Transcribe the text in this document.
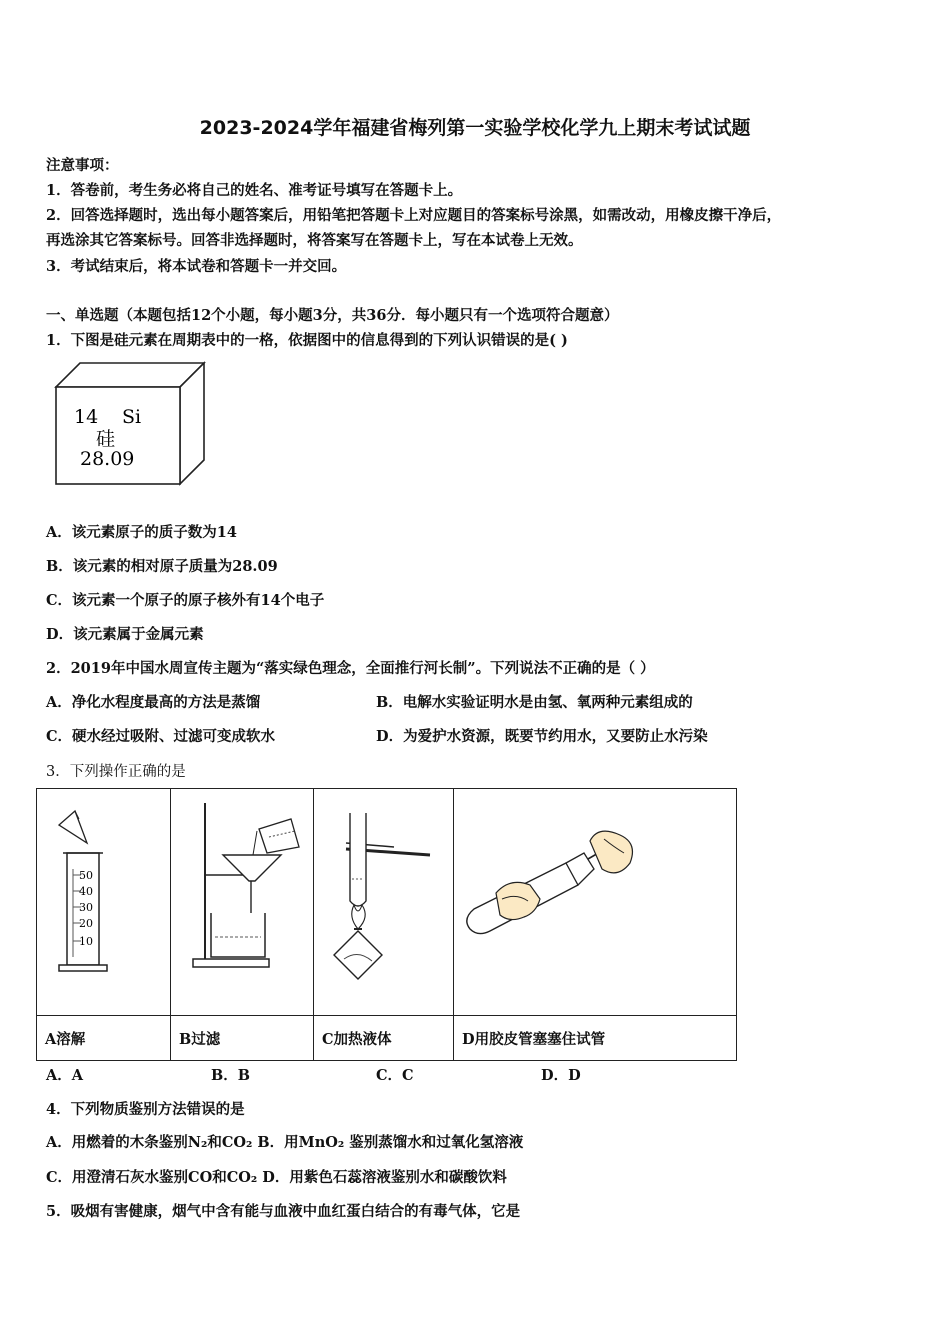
2023-2024学年福建省梅列第一实验学校化学九上期末考试试题
注意事项：
1．答卷前，考生务必将自己的姓名、准考证号填写在答题卡上。
2．回答选择题时，选出每小题答案后，用铅笔把答题卡上对应题目的答案标号涂黑，如需改动，用橡皮擦干净后，
再选涂其它答案标号。回答非选择题时，将答案写在答题卡上，写在本试卷上无效。
3．考试结束后，将本试卷和答题卡一并交回。
一、单选题（本题包括12个小题，每小题3分，共36分．每小题只有一个选项符合题意）
1．下图是硅元素在周期表中的一格，依据图中的信息得到的下列认识错误的是( )
14 Si
硅
28.09
A．该元素原子的质子数为14
B．该元素的相对原子质量为28.09
C．该元素一个原子的原子核外有14个电子
D．该元素属于金属元素
2．2019年中国水周宣传主题为“落实绿色理念，全面推行河长制”。下列说法不正确的是（ ）
A．净化水程度最高的方法是蒸馏	B．电解水实验证明水是由氢、氧两种元素组成的
C．硬水经过吸附、过滤可变成软水	D．为爱护水资源，既要节约用水，又要防止水污染
3．下列操作正确的是
50
40
30
20
10

A溶解	B过滤	C加热液体	D用胶皮管塞塞住试管
A．A	B．B	C．C	D．D
4．下列物质鉴别方法错误的是
A．用燃着的木条鉴别N₂和CO₂ B．用MnO₂ 鉴别蒸馏水和过氧化氢溶液
C．用澄清石灰水鉴别CO和CO₂ D．用紫色石蕊溶液鉴别水和碳酸饮料
5．吸烟有害健康，烟气中含有能与血液中血红蛋白结合的有毒气体，它是
